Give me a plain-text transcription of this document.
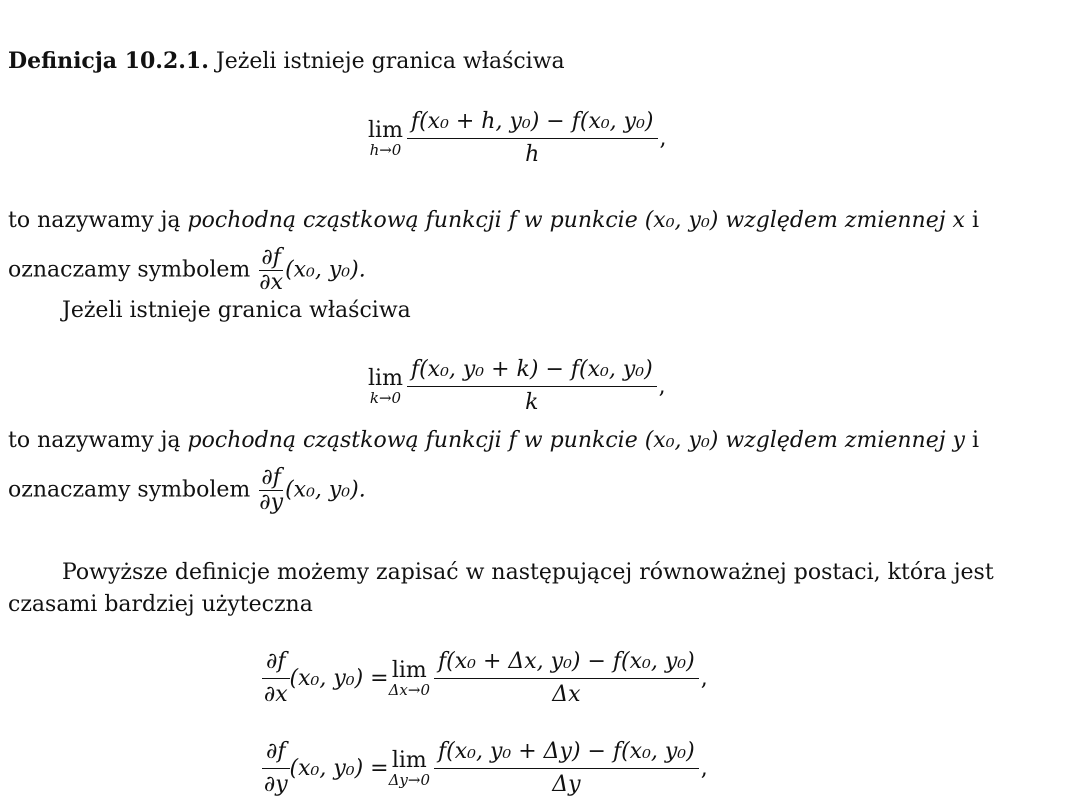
Definicja 10.2.1. Jeżeli istnieje granica właściwa
lim
$h\to 0 \frac{\text{f(x₀ + h, y₀) − f(x₀, y₀)}}{h}$ ,
to nazywamy ją pochodną cząstkową funkcji f w punkcie (x₀, y₀) względem zmiennej x i
oznaczamy symbolem $\frac{\partial f}{\partial x} (x_0$, y₀).
Jeżeli istnieje granica właściwa
lim
$k\to 0 \frac{\text{f(x₀, y₀ + k) − f(x₀, y₀)}}{k}$ ,
to nazywamy ją pochodną cząstkową funkcji f w punkcie (x₀, y₀) względem zmiennej y i
oznaczamy symbolem $\frac{\partial f}{\partial y} (x_0$, y₀).
Powyższe definicje możemy zapisać w następującej równoważnej postaci, która jest
czasami bardziej użyteczna
$\frac{\partial f}{\partial x} (x_0$, y₀) = lim
$\Delta x\to 0 \frac{\text{f(x₀ + Δx, y₀) − f(x₀, y₀)}}{\Delta x}$ ,
$\frac{\partial f}{\partial y} (x_0$, y₀) = lim
$\Delta y\to 0 \frac{\text{f(x₀, y₀ + Δy) − f(x₀, y₀)}}{\Delta y}$ ,
